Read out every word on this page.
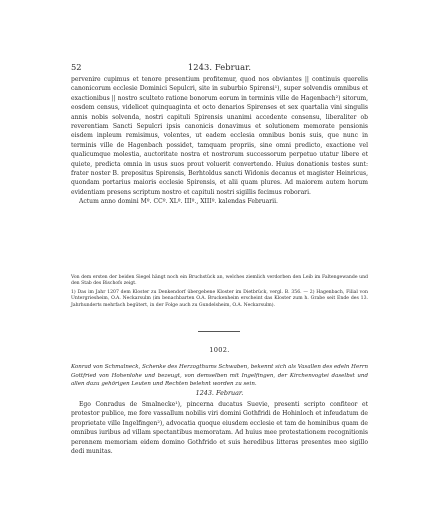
52	1243. Februar.

pervenire cupimus et tenore presentium profitemur, quod nos obviantes || continuis querelis canonicorum ecclesie Dominici Sepulcri, site in suburbio Spirensi¹), super solvendis omnibus et exactionibus || nostro sculteto ratione bonorum eorum in terminis ville de Hagenbach²) sitorum, eosdem census, videlicet quinquaginta et octo denarios Spirenses et sex quartalia vini singulis annis nobis solvenda, nostri capituli Spirensis unanimi accedente consensu, liberaliter ob reverentiam Sancti Sepulcri ipsis canonicis donavimus et solutionem memorate pensionis eisdem inpleum remisimus, volentes, ut eadem ecclesia omnibus bonis suis, que nunc in terminis ville de Hagenbach possidet, tamquam propriis, sine omni predicto, exactione vel qualicumque molestia, auctoritate nostra et nostrorum successorum perpetuo utatur libere et quiete, predicta omnia in usus suos prout voluerit convertendo. Huius donationis testes sunt: frater noster B. prepositus Spirensis, Berhtoldus sancti Widonis decanus et magister Heinricus, quondam portarius maioris ecclesie Spirensis, et alii quam plures. Ad maiorem autem horum evidentiam presens scriptum nostro et capituli nostri sigillis fecimus roborari.

Actum anno domini Mº. CCº. XLº. IIIº., XIIIº. kalendas Februarii.

Von dem ersten der beiden Siegel hängt noch ein Bruchstück an, welches ziemlich verdorben den Leib im Faltengewande und den Stab des Bischofs zeigt.

1) Das im Jahr 1207 dem Kloster zu Denkendorf übergebene Kloster im Dietbrück, vergl. B. 356. — 2) Hagenbach, Filial von Untergriesheim, O.A. Neckarsulm (im benachbarten O.A. Bruckenheim erscheint das Kloster zum h. Grabe seit Ende des 13. Jahrhunderts mehrfach begütert, in der Folge auch zu Gundelsheim, O.A. Neckarsulm).

1002.

Konrad von Schmalneck, Schenke des Herzogthums Schwaben, bekennt sich als Vasallen des edeln Herrn Gottfried von Hohenlohe und bezeugt, von demselben mit Ingelfingen, der Kirchenvogtei daselbst und allen dazu gehörigen Leuten und Rechten belehnt worden zu sein.

1243. Februar.

Ego Conradus de Smalnecke¹), pincerna ducatus Suevie, presenti scripto confiteor et protestor publice, me fore vassallum nobilis viri domini Gothfridi de Hohinloch et infeudatum de proprietate ville Ingelfingen²), advocatia quoque eiusdem ecclesie et tam de hominibus quam de omnibus iuribus ad villam spectantibus memoratam. Ad huius mee protestationem recognitionis perennem memoriam eidem domino Gothfrido et suis heredibus litteras presentes meo sigillo dedi munitas.
